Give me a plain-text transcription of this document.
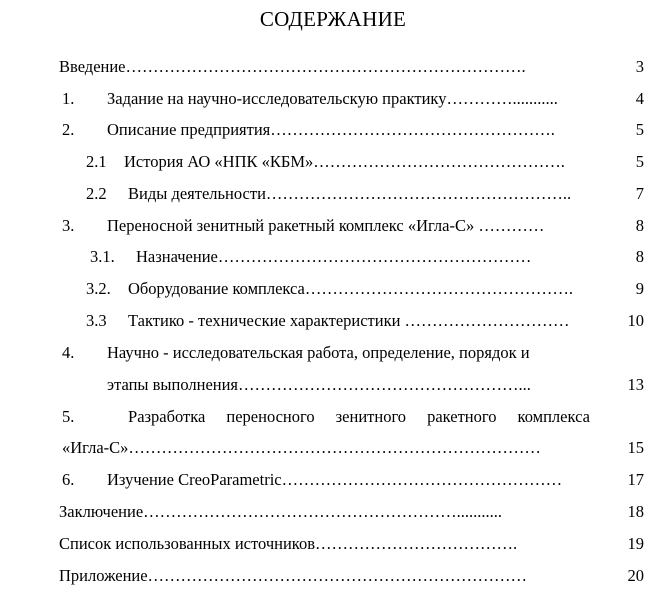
СОДЕРЖАНИЕ
Введение……………………………………………………………….	3
1. Задание на научно-исследовательскую практику…………...........	4
2. Описание предприятия…………………………………………….	5
2.1 История АО «НПК «КБМ»……………………………………….	5
2.2 Виды деятельности………………………………………………..	7
3. Переносной зенитный ракетный комплекс «Игла-С» …………	8
3.1. Назначение…………………………………………………	8
3.2. Оборудование комплекса………………………………………….	9
3.3 Тактико - технические характеристики …………………………	10
4. Научно - исследовательская работа, определение, порядок и
этапы выполнения……………………………………………...	13
5.	Разработка переносного зенитного ракетного комплекса
«Игла-С»…………………………………………………………………	15
6. Изучение CreoParametric……………………………………………	17
Заключение…………………………………………………...........	18
Список использованных источников……………………………….	19
Приложение……………………………………………………………	20
